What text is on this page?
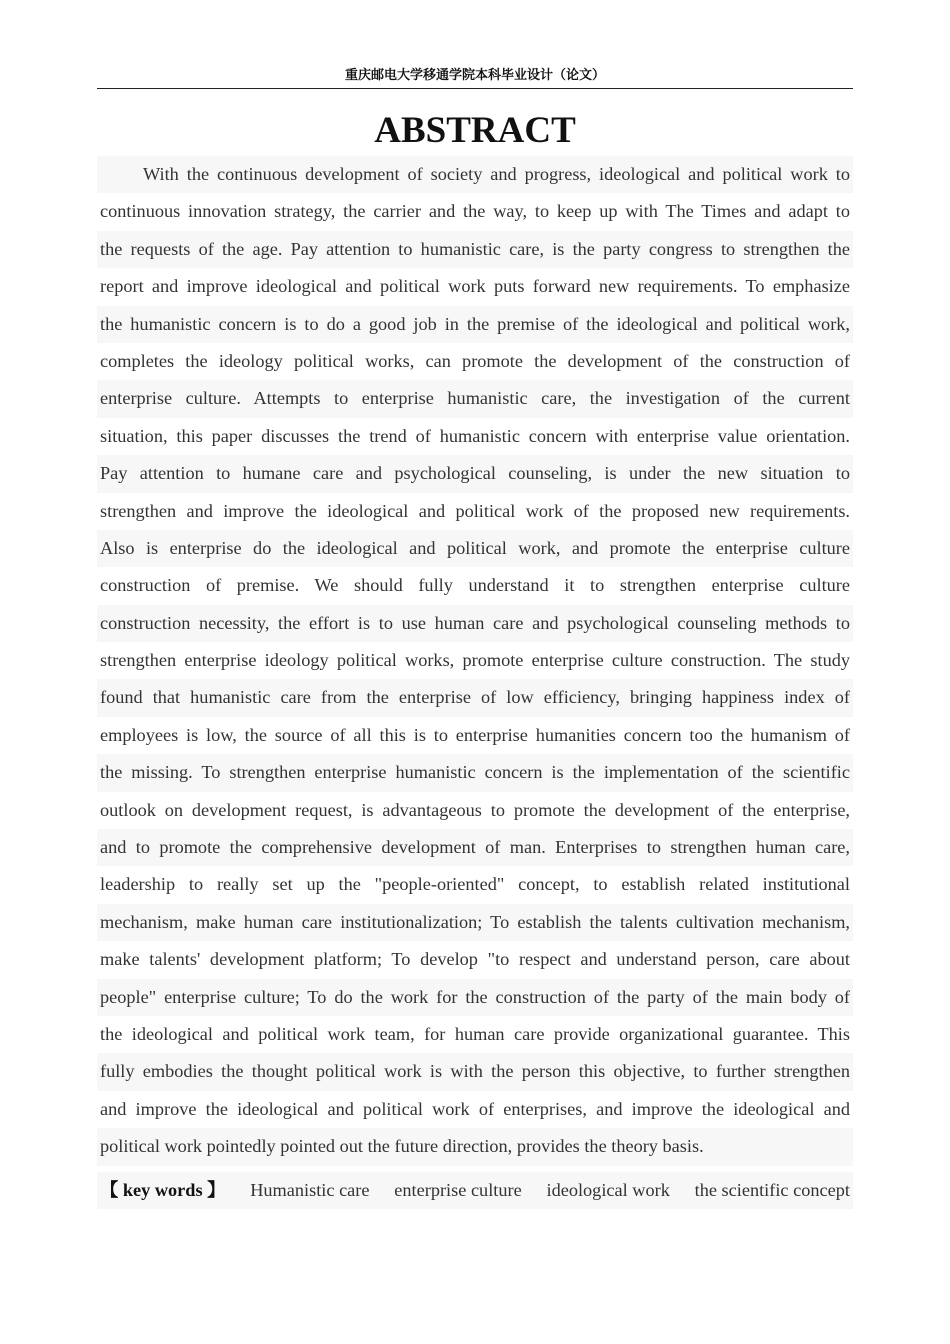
重庆邮电大学移通学院本科毕业设计（论文）
ABSTRACT
With the continuous development of society and progress, ideological and political work to
continuous innovation strategy, the carrier and the way, to keep up with The Times and adapt to
the requests of the age. Pay attention to humanistic care, is the party congress to strengthen the
report and improve ideological and political work puts forward new requirements. To emphasize
the humanistic concern is to do a good job in the premise of the ideological and political work,
completes the ideology political works, can promote the development of the construction of
enterprise culture. Attempts to enterprise humanistic care, the investigation of the current
situation, this paper discusses the trend of humanistic concern with enterprise value orientation.
Pay attention to humane care and psychological counseling, is under the new situation to
strengthen and improve the ideological and political work of the proposed new requirements.
Also is enterprise do the ideological and political work, and promote the enterprise culture
construction of premise. We should fully understand it to strengthen enterprise culture
construction necessity, the effort is to use human care and psychological counseling methods to
strengthen enterprise ideology political works, promote enterprise culture construction. The study
found that humanistic care from the enterprise of low efficiency, bringing happiness index of
employees is low, the source of all this is to enterprise humanities concern too the humanism of
the missing. To strengthen enterprise humanistic concern is the implementation of the scientific
outlook on development request, is advantageous to promote the development of the enterprise,
and to promote the comprehensive development of man. Enterprises to strengthen human care,
leadership to really set up the "people-oriented" concept, to establish related institutional
mechanism, make human care institutionalization; To establish the talents cultivation mechanism,
make talents' development platform; To develop "to respect and understand person, care about
people" enterprise culture; To do the work for the construction of the party of the main body of
the ideological and political work team, for human care provide organizational guarantee. This
fully embodies the thought political work is with the person this objective, to further strengthen
and improve the ideological and political work of enterprises, and improve the ideological and
political work pointedly pointed out the future direction, provides the theory basis.
【 key words 】 Humanistic care enterprise culture ideological work the scientific concept
